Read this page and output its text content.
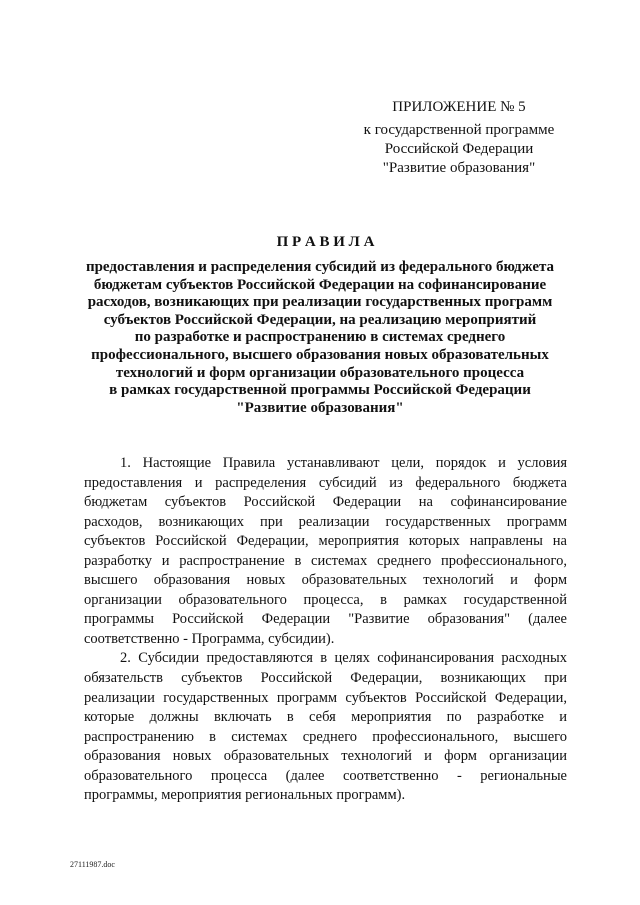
ПРИЛОЖЕНИЕ № 5
к государственной программе
Российской Федерации
"Развитие образования"
П Р А В И Л А
предоставления и распределения субсидий из федерального бюджета
бюджетам субъектов Российской Федерации на софинансирование
расходов, возникающих при реализации государственных программ
субъектов Российской Федерации, на реализацию мероприятий
по разработке и распространению в системах среднего
профессионального, высшего образования новых образовательных
технологий и форм организации образовательного процесса
в рамках государственной программы Российской Федерации
"Развитие образования"
1. Настоящие Правила устанавливают цели, порядок и условия
предоставления и распределения субсидий из федерального бюджета
бюджетам субъектов Российской Федерации на софинансирование
расходов, возникающих при реализации государственных программ
субъектов Российской Федерации, мероприятия которых направлены на
разработку и распространение в системах среднего профессионального,
высшего образования новых образовательных технологий и форм
организации образовательного процесса, в рамках государственной
программы Российской Федерации "Развитие образования" (далее
соответственно - Программа, субсидии).
2. Субсидии предоставляются в целях софинансирования расходных
обязательств субъектов Российской Федерации, возникающих при
реализации государственных программ субъектов Российской Федерации,
которые должны включать в себя мероприятия по разработке и
распространению в системах среднего профессионального, высшего
образования новых образовательных технологий и форм организации
образовательного процесса (далее соответственно - региональные
программы, мероприятия региональных программ).
27111987.doc
